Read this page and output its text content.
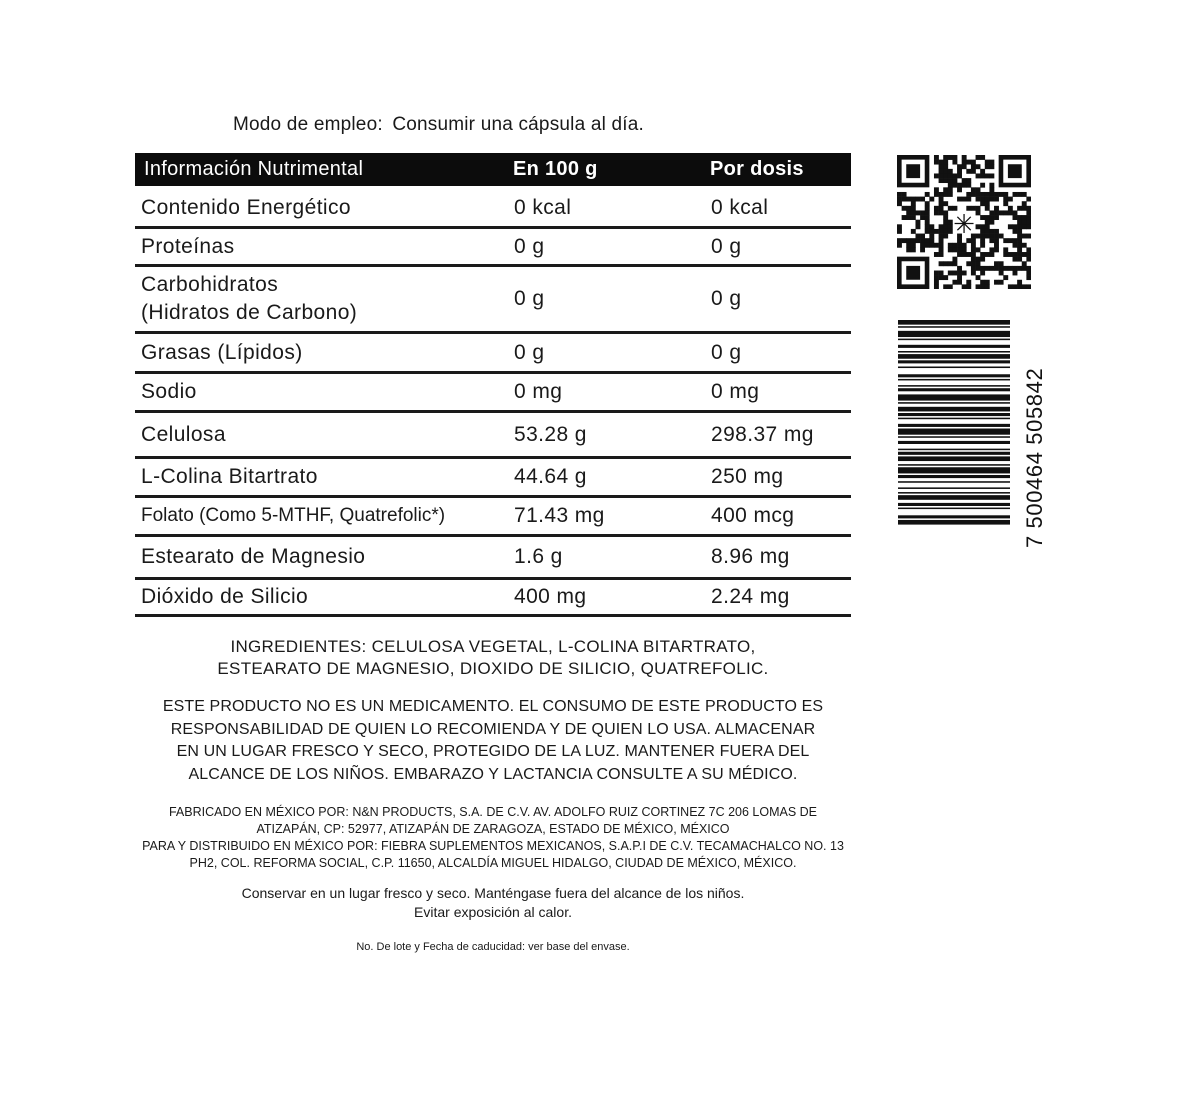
Modo de empleo: Consumir una cápsula al día.
Información Nutrimental	En 100 g	Por dosis
Contenido Energético	0 kcal	0 kcal
Proteínas	0 g	0 g

Carbohidratos
(Hidratos de Carbono)	0 g	0 g
Grasas (Lípidos)	0 g	0 g
Sodio	0 mg	0 mg
Celulosa	53.28 g	298.37 mg
L-Colina Bitartrato	44.64 g	250 mg
Folato (Como 5-MTHF, Quatrefolic*)	71.43 mg	400 mcg
Estearato de Magnesio	1.6 g	8.96 mg
Dióxido de Silicio	400 mg	2.24 mg
✳
7 500464 505842
INGREDIENTES: CELULOSA VEGETAL, L-COLINA BITARTRATO,
ESTEARATO DE MAGNESIO, DIOXIDO DE SILICIO, QUATREFOLIC.
ESTE PRODUCTO NO ES UN MEDICAMENTO. EL CONSUMO DE ESTE PRODUCTO ES
RESPONSABILIDAD DE QUIEN LO RECOMIENDA Y DE QUIEN LO USA. ALMACENAR
EN UN LUGAR FRESCO Y SECO, PROTEGIDO DE LA LUZ. MANTENER FUERA DEL
ALCANCE DE LOS NIÑOS. EMBARAZO Y LACTANCIA CONSULTE A SU MÉDICO.
FABRICADO EN MÉXICO POR: N&N PRODUCTS, S.A. DE C.V. AV. ADOLFO RUIZ CORTINEZ 7C 206 LOMAS DE
ATIZAPÁN, CP: 52977, ATIZAPÁN DE ZARAGOZA, ESTADO DE MÉXICO, MÉXICO
PARA Y DISTRIBUIDO EN MÉXICO POR: FIEBRA SUPLEMENTOS MEXICANOS, S.A.P.I DE C.V. TECAMACHALCO NO. 13
PH2, COL. REFORMA SOCIAL, C.P. 11650, ALCALDÍA MIGUEL HIDALGO, CIUDAD DE MÉXICO, MÉXICO.
Conservar en un lugar fresco y seco. Manténgase fuera del alcance de los niños.
Evitar exposición al calor.
No. De lote y Fecha de caducidad: ver base del envase.
